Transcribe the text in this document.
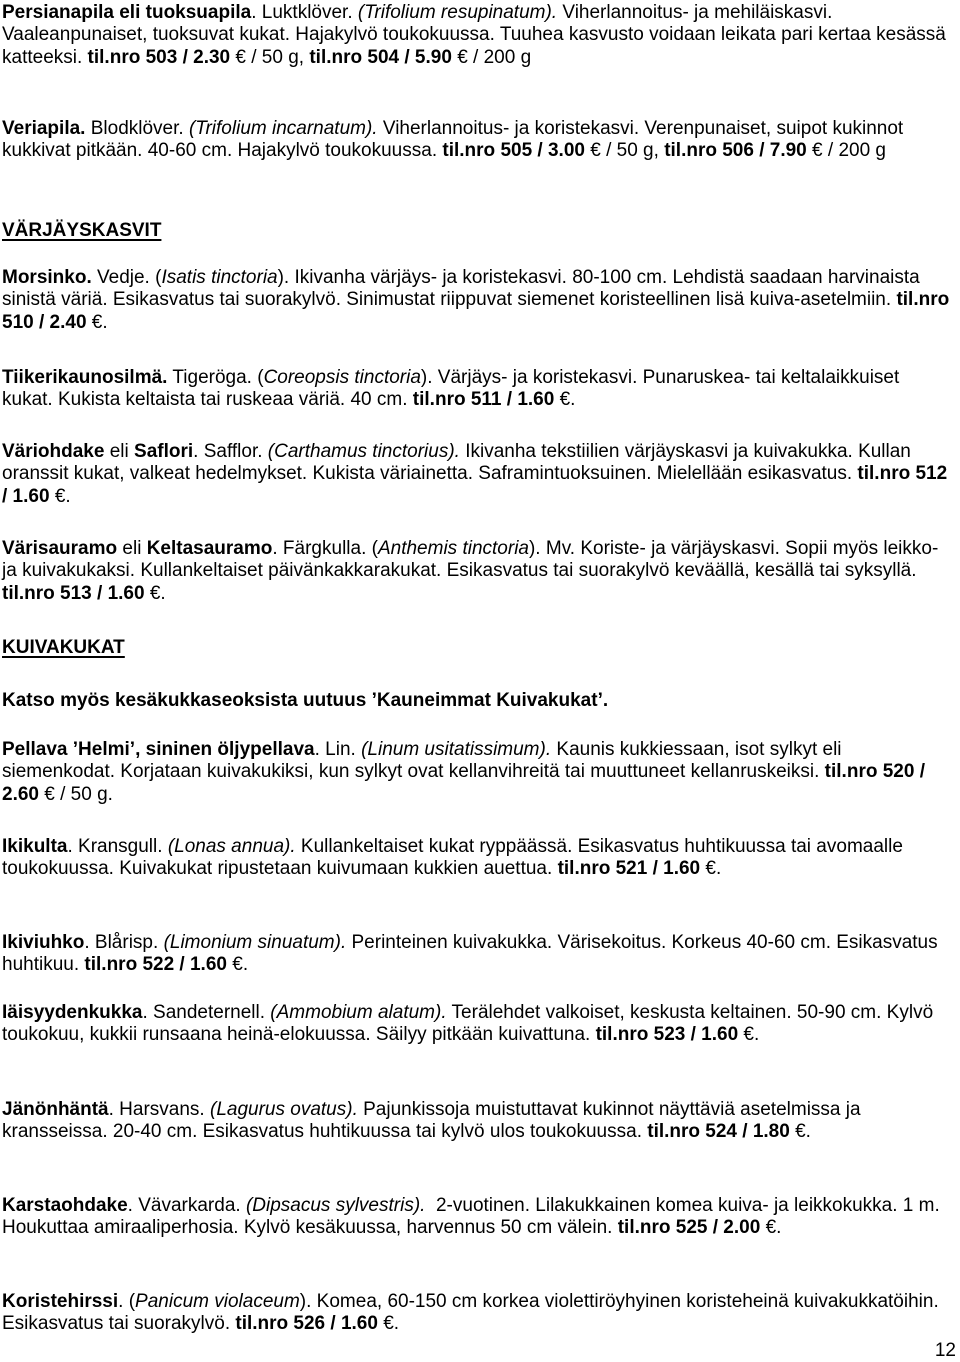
Persianapila eli tuoksuapila. Luktklöver. (Trifolium resupinatum). Viherlannoitus- ja mehiläiskasvi. Vaaleanpunaiset, tuoksuvat kukat. Hajakylvö toukokuussa. Tuuhea kasvusto voidaan leikata pari kertaa kesässä katteeksi. til.nro 503 / 2.30 € / 50 g, til.nro 504 / 5.90 € / 200 g

Veriapila. Blodklöver. (Trifolium incarnatum). Viherlannoitus- ja koristekasvi. Verenpunaiset, suipot kukinnot kukkivat pitkään. 40-60 cm. Hajakylvö toukokuussa. til.nro 505 / 3.00 € / 50 g, til.nro 506 / 7.90 € / 200 g

VÄRJÄYSKASVIT

Morsinko. Vedje. (Isatis tinctoria). Ikivanha värjäys- ja koristekasvi. 80-100 cm. Lehdistä saadaan harvinaista sinistä väriä. Esikasvatus tai suorakylvö. Sinimustat riippuvat siemenet koristeellinen lisä kuiva-asetelmiin. til.nro 510 / 2.40 €.

Tiikerikaunosilmä. Tigeröga. (Coreopsis tinctoria). Värjäys- ja koristekasvi. Punaruskea- tai keltalaikkuiset kukat. Kukista keltaista tai ruskeaa väriä. 40 cm. til.nro 511 / 1.60 €.

Väriohdake eli Saflori. Safflor. (Carthamus tinctorius). Ikivanha tekstiilien värjäyskasvi ja kuivakukka. Kullan oranssit kukat, valkeat hedelmykset. Kukista väriainetta. Saframintuoksuinen. Mielellään esikasvatus. til.nro 512 / 1.60 €.

Värisauramo eli Keltasauramo. Färgkulla. (Anthemis tinctoria). Mv. Koriste- ja värjäyskasvi. Sopii myös leikko- ja kuivakukaksi. Kullankeltaiset päivänkakkarakukat. Esikasvatus tai suorakylvö keväällä, kesällä tai syksyllä. til.nro 513 / 1.60 €.

KUIVAKUKAT

Katso myös kesäkukkaseoksista uutuus ’Kauneimmat Kuivakukat’.

Pellava ’Helmi’, sininen öljypellava. Lin. (Linum usitatissimum). Kaunis kukkiessaan, isot sylkyt eli siemenkodat. Korjataan kuivakukiksi, kun sylkyt ovat kellanvihreitä tai muuttuneet kellanruskeiksi. til.nro 520 / 2.60 € / 50 g.

Ikikulta. Kransgull. (Lonas annua). Kullankeltaiset kukat ryppäässä. Esikasvatus huhtikuussa tai avomaalle toukokuussa. Kuivakukat ripustetaan kuivumaan kukkien auettua. til.nro 521 / 1.60 €.

Ikiviuhko. Blårisp. (Limonium sinuatum). Perinteinen kuivakukka. Värisekoitus. Korkeus 40-60 cm. Esikasvatus huhtikuu. til.nro 522 / 1.60 €.

Iäisyydenkukka. Sandeternell. (Ammobium alatum). Terälehdet valkoiset, keskusta keltainen. 50-90 cm. Kylvö toukokuu, kukkii runsaana heinä-elokuussa. Säilyy pitkään kuivattuna. til.nro 523 / 1.60 €.

Jänönhäntä. Harsvans. (Lagurus ovatus). Pajunkissoja muistuttavat kukinnot näyttäviä asetelmissa ja kransseissa. 20-40 cm. Esikasvatus huhtikuussa tai kylvö ulos toukokuussa. til.nro 524 / 1.80 €.

Karstaohdake. Vävarkarda. (Dipsacus sylvestris).  2-vuotinen. Lilakukkainen komea kuiva- ja leikkokukka. 1 m. Houkuttaa amiraaliperhosia. Kylvö kesäkuussa, harvennus 50 cm välein. til.nro 525 / 2.00 €.

Koristehirssi. (Panicum violaceum). Komea, 60-150 cm korkea violettiröyhyinen koristeheinä kuivakukkatöihin. Esikasvatus tai suorakylvö. til.nro 526 / 1.60 €.

12
